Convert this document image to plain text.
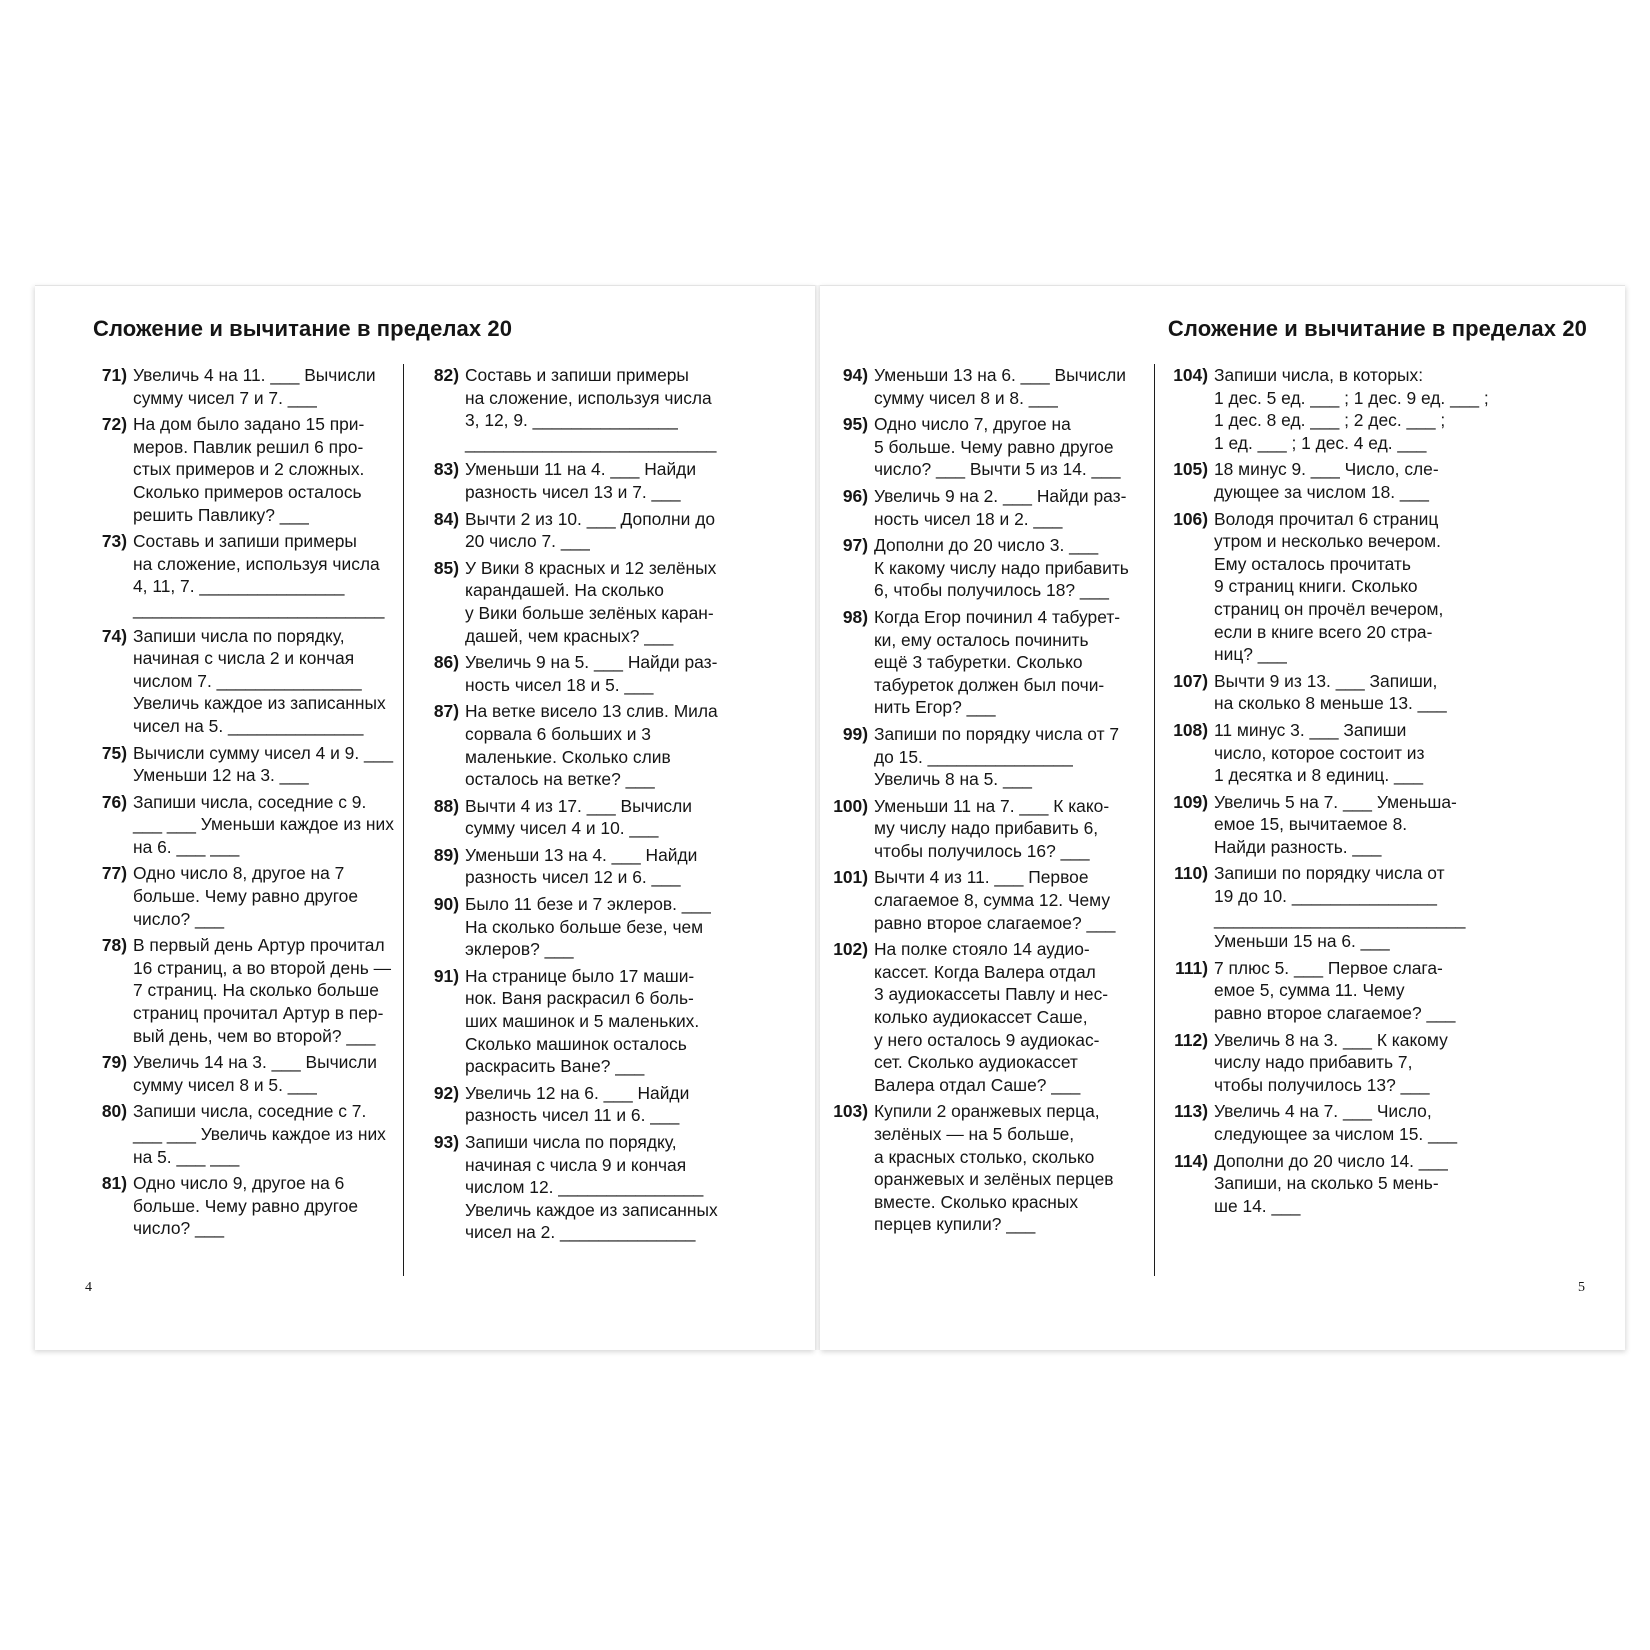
Сложение и вычитание в пределах 20
71) Увеличь 4 на 11. ___ Вычисли
сумму чисел 7 и 7. ___

72) На дом было задано 15 при-
меров. Павлик решил 6 про-
стых примеров и 2 сложных.
Сколько примеров осталось
решить Павлику? ___

73) Составь и запиши примеры
на сложение, используя числа
4, 11, 7. _______________
__________________________

74) Запиши числа по порядку,
начиная с числа 2 и кончая
числом 7. _______________
Увеличь каждое из записанных
чисел на 5. ______________

75) Вычисли сумму чисел 4 и 9. ___
Уменьши 12 на 3. ___

76) Запиши числа, соседние с 9.
___ ___ Уменьши каждое из них
на 6. ___ ___

77) Одно число 8, другое на 7
больше. Чему равно другое
число? ___

78) В первый день Артур прочитал
16 страниц, а во второй день —
7 страниц. На сколько больше
страниц прочитал Артур в пер-
вый день, чем во второй? ___

79) Увеличь 14 на 3. ___ Вычисли
сумму чисел 8 и 5. ___

80) Запиши числа, соседние с 7.
___ ___ Увеличь каждое из них
на 5. ___ ___

81) Одно число 9, другое на 6
больше. Чему равно другое
число? ___

82) Составь и запиши примеры
на сложение, используя числа
3, 12, 9. _______________
__________________________

83) Уменьши 11 на 4. ___ Найди
разность чисел 13 и 7. ___

84) Вычти 2 из 10. ___ Дополни до
20 число 7. ___

85) У Вики 8 красных и 12 зелёных
карандашей. На сколько
у Вики больше зелёных каран-
дашей, чем красных? ___

86) Увеличь 9 на 5. ___ Найди раз-
ность чисел 18 и 5. ___

87) На ветке висело 13 слив. Мила
сорвала 6 больших и 3
маленькие. Сколько слив
осталось на ветке? ___

88) Вычти 4 из 17. ___ Вычисли
сумму чисел 4 и 10. ___

89) Уменьши 13 на 4. ___ Найди
разность чисел 12 и 6. ___

90) Было 11 безе и 7 эклеров. ___
На сколько больше безе, чем
эклеров? ___

91) На странице было 17 маши-
нок. Ваня раскрасил 6 боль-
ших машинок и 5 маленьких.
Сколько машинок осталось
раскрасить Ване? ___

92) Увеличь 12 на 6. ___ Найди
разность чисел 11 и 6. ___

93) Запиши числа по порядку,
начиная с числа 9 и кончая
числом 12. _______________
Увеличь каждое из записанных
чисел на 2. ______________

4

Сложение и вычитание в пределах 20
94) Уменьши 13 на 6. ___ Вычисли
сумму чисел 8 и 8. ___

95) Одно число 7, другое на
5 больше. Чему равно другое
число? ___ Вычти 5 из 14. ___

96) Увеличь 9 на 2. ___ Найди раз-
ность чисел 18 и 2. ___

97) Дополни до 20 число 3. ___
К какому числу надо прибавить
6, чтобы получилось 18? ___

98) Когда Егор починил 4 табурет-
ки, ему осталось починить
ещё 3 табуретки. Сколько
табуреток должен был почи-
нить Егор? ___

99) Запиши по порядку числа от 7
до 15. _______________
Увеличь 8 на 5. ___

100) Уменьши 11 на 7. ___ К како-
му числу надо прибавить 6,
чтобы получилось 16? ___

101) Вычти 4 из 11. ___ Первое
слагаемое 8, сумма 12. Чему
равно второе слагаемое? ___

102) На полке стояло 14 аудио-
кассет. Когда Валера отдал
3 аудиокассеты Павлу и нес-
колько аудиокассет Саше,
у него осталось 9 аудиокас-
сет. Сколько аудиокассет
Валера отдал Саше? ___

103) Купили 2 оранжевых перца,
зелёных — на 5 больше,
а красных столько, сколько
оранжевых и зелёных перцев
вместе. Сколько красных
перцев купили? ___

104) Запиши числа, в которых:
1 дес. 5 ед. ___ ; 1 дес. 9 ед. ___ ;
1 дес. 8 ед. ___ ; 2 дес. ___ ;
1 ед. ___ ; 1 дес. 4 ед. ___

105) 18 минус 9. ___ Число, сле-
дующее за числом 18. ___

106) Володя прочитал 6 страниц
утром и несколько вечером.
Ему осталось прочитать
9 страниц книги. Сколько
страниц он прочёл вечером,
если в книге всего 20 стра-
ниц? ___

107) Вычти 9 из 13. ___ Запиши,
на сколько 8 меньше 13. ___

108) 11 минус 3. ___ Запиши
число, которое состоит из
1 десятка и 8 единиц. ___

109) Увеличь 5 на 7. ___ Уменьша-
емое 15, вычитаемое 8.
Найди разность. ___

110) Запиши по порядку числа от
19 до 10. _______________
__________________________
Уменьши 15 на 6. ___

111) 7 плюс 5. ___ Первое слага-
емое 5, сумма 11. Чему
равно второе слагаемое? ___

112) Увеличь 8 на 3. ___ К какому
числу надо прибавить 7,
чтобы получилось 13? ___

113) Увеличь 4 на 7. ___ Число,
следующее за числом 15. ___

114) Дополни до 20 число 14. ___
Запиши, на сколько 5 мень-
ше 14. ___

5
